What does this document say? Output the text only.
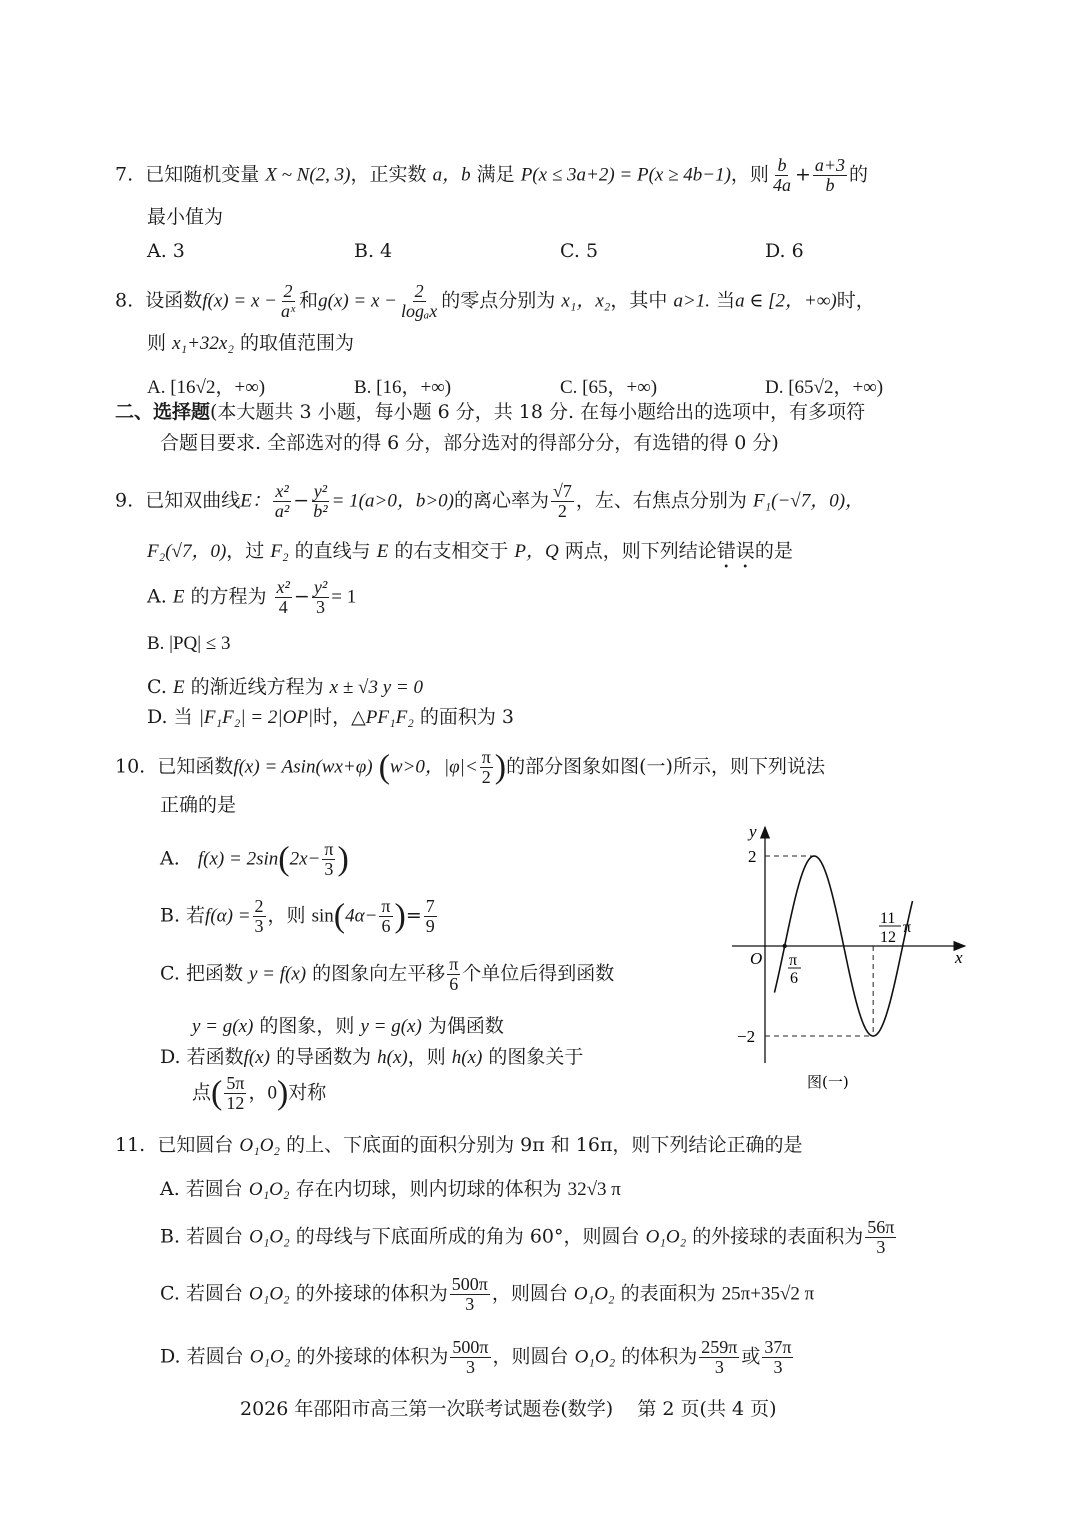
7. 已知随机变量 X ~ N(2, 3)，正实数 a，b 满足 P(x ≤ 3a+2) = P(x ≥ 4b−1)，则 $\frac{b}{4a} + \frac{a+3}{b}$ 的
最小值为
A. 3	B. 4	C. 5	D. 6
8. 设函数$f(x) = x - \frac{2}{\text{aˣ}}$ 和$g(x) = x - \frac{2}{\text{logₐx}}$ 的零点分别为 x₁，x₂，其中 a>1. 当a ∈ [2，+∞)时，
则 x₁+32x₂ 的取值范围为
A. [16√2，+∞)	B. [16，+∞)	C. [65，+∞)	D. [65√2，+∞)
二、选择题(本大题共 3 小题，每小题 6 分，共 18 分. 在每小题给出的选项中，有多项符
合题目要求. 全部选对的得 6 分，部分选对的得部分分，有选错的得 0 分)
9. 已知双曲线E： $\frac{\text{x²}}{\text{a²}} - \frac{\text{y²}}{\text{b²}} = 1(a>0$，b>0)的离心率为 $\frac{√7}{2}$ ，左、右焦点分别为 F₁(−√7，0)，
F₂(√7，0)，过 F₂ 的直线与 E 的右支相交于 P，Q 两点，则下列结论错误的是
A. E 的方程为 $\frac{\text{x²}}{4} - \frac{\text{y²}}{3} = 1$
B. |PQ| ≤ 3
C. E 的渐近线方程为 x ± √3 y = 0
D. 当 |F₁F₂| = 2|OP|时，△PF₁F₂ 的面积为 3
10. 已知函数f(x) = Asin(wx+φ) (w>0，$|\varphi|< \frac{\pi}{2}$ )的部分图象如图(一)所示，则下列说法
正确的是
A. $f(x) = 2\sin(2x- \frac{\pi}{3}$ )
B. 若$f(\alpha) = \frac{2}{3}$ ，则 $\sin(4\alpha- \frac{\pi}{6}$ )= $\frac{7}{9}$
C. 把函数 y = f(x) 的图象向左平移 $\frac{\pi}{6}$ 个单位后得到函数
y = g(x) 的图象，则 y = g(x) 为偶函数
D. 若函数f(x) 的导函数为 h(x)，则 h(x) 的图象关于
点( $\frac{5\pi}{12}$ ，0)对称
y
x
O
2
−2
π
6
11
12
π
图(一)
11. 已知圆台 O₁O₂ 的上、下底面的面积分别为 9π 和 16π，则下列结论正确的是
A. 若圆台 O₁O₂ 存在内切球，则内切球的体积为 32√3 π
B. 若圆台 O₁O₂ 的母线与下底面所成的角为 60°，则圆台 O₁O₂ 的外接球的表面积为 $\frac{56\pi}{3}$
C. 若圆台 O₁O₂ 的外接球的体积为 $\frac{500\pi}{3}$ ，则圆台 O₁O₂ 的表面积为 25π+35√2 π
D. 若圆台 O₁O₂ 的外接球的体积为 $\frac{500\pi}{3}$ ，则圆台 O₁O₂ 的体积为 $\frac{259\pi}{3}$ 或 $\frac{37\pi}{3}$
2026 年邵阳市高三第一次联考试题卷(数学)    第 2 页(共 4 页)
